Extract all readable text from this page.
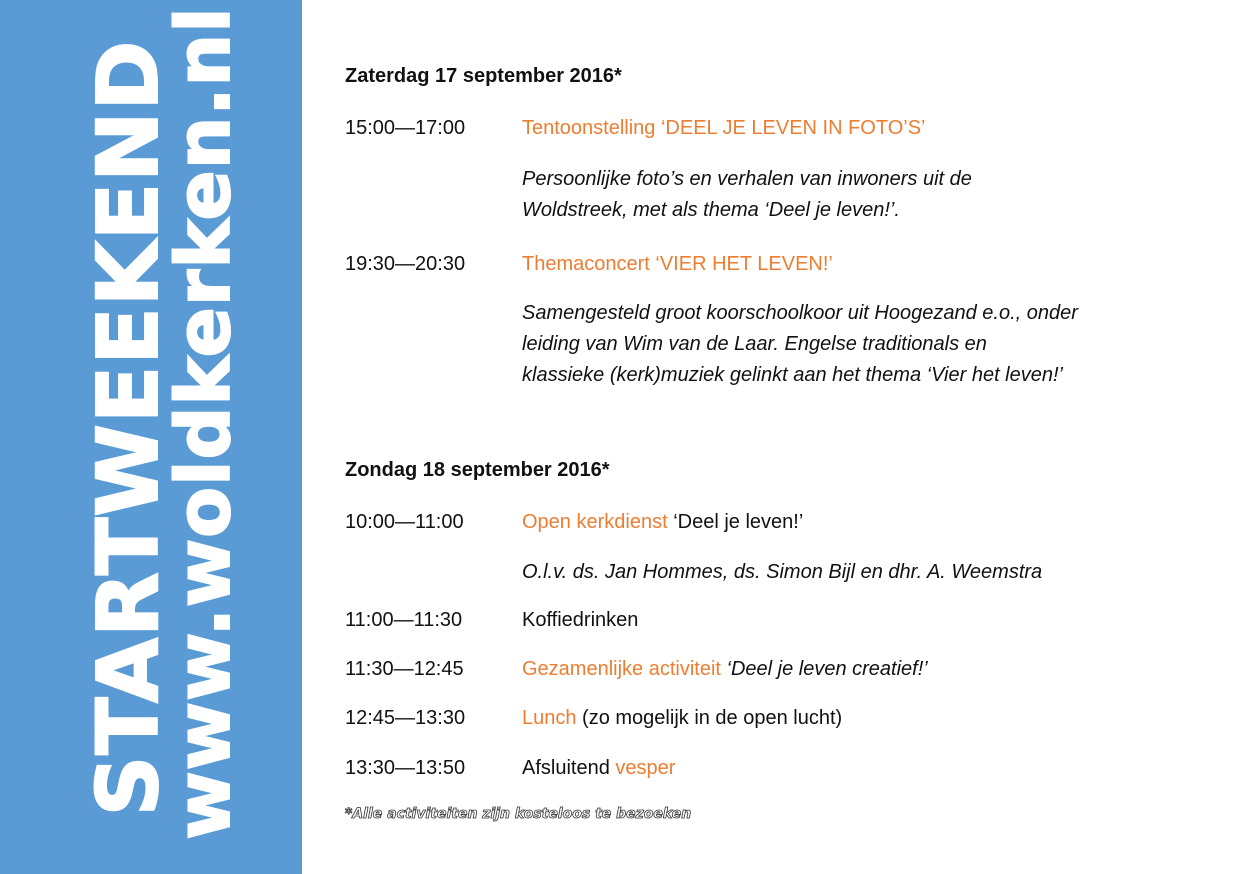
STARTWEEKEND
www.woldkerken.nl	Zaterdag 17 september 2016*
15:00—17:00	Tentoonstelling ‘DEEL JE LEVEN IN FOTO’S’
Persoonlijke foto’s en verhalen van inwoners uit de
Woldstreek, met als thema ‘Deel je leven!’.
19:30—20:30	Themaconcert ‘VIER HET LEVEN!’
Samengesteld groot koorschoolkoor uit Hoogezand e.o., onder
leiding van Wim van de Laar. Engelse traditionals en
klassieke (kerk)muziek gelinkt aan het thema ‘Vier het leven!’
Zondag 18 september 2016*
10:00—11:00	Open kerkdienst ‘Deel je leven!’
O.l.v. ds. Jan Hommes, ds. Simon Bijl en dhr. A. Weemstra
11:00—11:30	Koffiedrinken
11:30—12:45	Gezamenlijke activiteit ‘Deel je leven creatief!’
12:45—13:30	Lunch (zo mogelijk in de open lucht)
13:30—13:50	Afsluitend vesper
*Alle activiteiten zijn kosteloos te bezoeken
